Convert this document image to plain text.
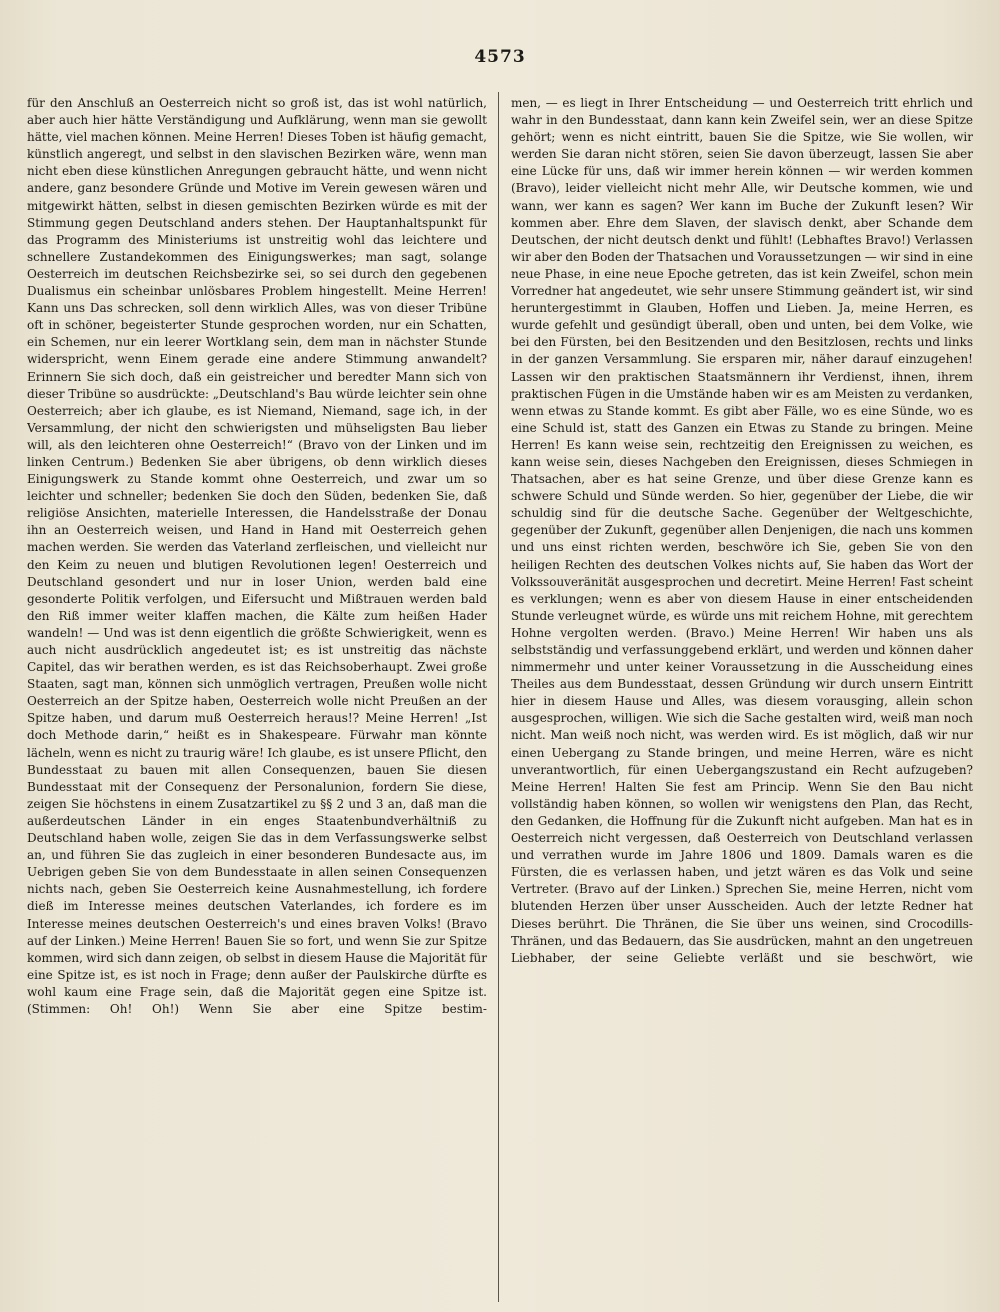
4573

für den Anschluß an Oesterreich nicht so groß ist, das ist wohl natürlich, aber auch hier hätte Verständigung und Aufklärung, wenn man sie gewollt hätte, viel machen können. Meine Herren! Dieses Toben ist häufig gemacht, künstlich angeregt, und selbst in den slavischen Bezirken wäre, wenn man nicht eben diese künstlichen Anregungen gebraucht hätte, und wenn nicht andere, ganz besondere Gründe und Motive im Verein gewesen wären und mitgewirkt hätten, selbst in diesen gemischten Bezirken würde es mit der Stimmung gegen Deutschland anders stehen. Der Hauptanhaltspunkt für das Programm des Ministeriums ist unstreitig wohl das leichtere und schnellere Zustandekommen des Einigungswerkes; man sagt, solange Oesterreich im deutschen Reichsbezirke sei, so sei durch den gegebenen Dualismus ein scheinbar unlösbares Problem hingestellt. Meine Herren! Kann uns Das schrecken, soll denn wirklich Alles, was von dieser Tribüne oft in schöner, begeisterter Stunde gesprochen worden, nur ein Schatten, ein Schemen, nur ein leerer Wortklang sein, dem man in nächster Stunde widerspricht, wenn Einem gerade eine andere Stimmung anwandelt? Erinnern Sie sich doch, daß ein geistreicher und beredter Mann sich von dieser Tribüne so ausdrückte: „Deutschland's Bau würde leichter sein ohne Oesterreich; aber ich glaube, es ist Niemand, Niemand, sage ich, in der Versammlung, der nicht den schwierigsten und mühseligsten Bau lieber will, als den leichteren ohne Oesterreich!“ (Bravo von der Linken und im linken Centrum.) Bedenken Sie aber übrigens, ob denn wirklich dieses Einigungswerk zu Stande kommt ohne Oesterreich, und zwar um so leichter und schneller; bedenken Sie doch den Süden, bedenken Sie, daß religiöse Ansichten, materielle Interessen, die Handelsstraße der Donau ihn an Oesterreich weisen, und Hand in Hand mit Oesterreich gehen machen werden. Sie werden das Vaterland zerfleischen, und vielleicht nur den Keim zu neuen und blutigen Revolutionen legen! Oesterreich und Deutschland gesondert und nur in loser Union, werden bald eine gesonderte Politik verfolgen, und Eifersucht und Mißtrauen werden bald den Riß immer weiter klaffen machen, die Kälte zum heißen Hader wandeln! — Und was ist denn eigentlich die größte Schwierigkeit, wenn es auch nicht ausdrücklich angedeutet ist; es ist unstreitig das nächste Capitel, das wir berathen werden, es ist das Reichsoberhaupt. Zwei große Staaten, sagt man, können sich unmöglich vertragen, Preußen wolle nicht Oesterreich an der Spitze haben, Oesterreich wolle nicht Preußen an der Spitze haben, und darum muß Oesterreich heraus!? Meine Herren! „Ist doch Methode darin,“ heißt es in Shakespeare. Fürwahr man könnte lächeln, wenn es nicht zu traurig wäre! Ich glaube, es ist unsere Pflicht, den Bundesstaat zu bauen mit allen Consequenzen, bauen Sie diesen Bundesstaat mit der Consequenz der Personalunion, fordern Sie diese, zeigen Sie höchstens in einem Zusatzartikel zu §§ 2 und 3 an, daß man die außerdeutschen Länder in ein enges Staatenbundverhältniß zu Deutschland haben wolle, zeigen Sie das in dem Verfassungswerke selbst an, und führen Sie das zugleich in einer besonderen Bundesacte aus, im Uebrigen geben Sie von dem Bundesstaate in allen seinen Consequenzen nichts nach, geben Sie Oesterreich keine Ausnahmestellung, ich fordere dieß im Interesse meines deutschen Vaterlandes, ich fordere es im Interesse meines deutschen Oesterreich's und eines braven Volks! (Bravo auf der Linken.) Meine Herren! Bauen Sie so fort, und wenn Sie zur Spitze kommen, wird sich dann zeigen, ob selbst in diesem Hause die Majorität für eine Spitze ist, es ist noch in Frage; denn außer der Paulskirche dürfte es wohl kaum eine Frage sein, daß die Majorität gegen eine Spitze ist. (Stimmen: Oh! Oh!) Wenn Sie aber eine Spitze bestim-

men, — es liegt in Ihrer Entscheidung — und Oesterreich tritt ehrlich und wahr in den Bundesstaat, dann kann kein Zweifel sein, wer an diese Spitze gehört; wenn es nicht eintritt, bauen Sie die Spitze, wie Sie wollen, wir werden Sie daran nicht stören, seien Sie davon überzeugt, lassen Sie aber eine Lücke für uns, daß wir immer herein können — wir werden kommen (Bravo), leider vielleicht nicht mehr Alle, wir Deutsche kommen, wie und wann, wer kann es sagen? Wer kann im Buche der Zukunft lesen? Wir kommen aber. Ehre dem Slaven, der slavisch denkt, aber Schande dem Deutschen, der nicht deutsch denkt und fühlt! (Lebhaftes Bravo!) Verlassen wir aber den Boden der Thatsachen und Voraussetzungen — wir sind in eine neue Phase, in eine neue Epoche getreten, das ist kein Zweifel, schon mein Vorredner hat angedeutet, wie sehr unsere Stimmung geändert ist, wir sind heruntergestimmt in Glauben, Hoffen und Lieben. Ja, meine Herren, es wurde gefehlt und gesündigt überall, oben und unten, bei dem Volke, wie bei den Fürsten, bei den Besitzenden und den Besitzlosen, rechts und links in der ganzen Versammlung. Sie ersparen mir, näher darauf einzugehen! Lassen wir den praktischen Staatsmännern ihr Verdienst, ihnen, ihrem praktischen Fügen in die Umstände haben wir es am Meisten zu verdanken, wenn etwas zu Stande kommt. Es gibt aber Fälle, wo es eine Sünde, wo es eine Schuld ist, statt des Ganzen ein Etwas zu Stande zu bringen. Meine Herren! Es kann weise sein, rechtzeitig den Ereignissen zu weichen, es kann weise sein, dieses Nachgeben den Ereignissen, dieses Schmiegen in Thatsachen, aber es hat seine Grenze, und über diese Grenze kann es schwere Schuld und Sünde werden. So hier, gegenüber der Liebe, die wir schuldig sind für die deutsche Sache. Gegenüber der Weltgeschichte, gegenüber der Zukunft, gegenüber allen Denjenigen, die nach uns kommen und uns einst richten werden, beschwöre ich Sie, geben Sie von den heiligen Rechten des deutschen Volkes nichts auf, Sie haben das Wort der Volkssouveränität ausgesprochen und decretirt. Meine Herren! Fast scheint es verklungen; wenn es aber von diesem Hause in einer entscheidenden Stunde verleugnet würde, es würde uns mit reichem Hohne, mit gerechtem Hohne vergolten werden. (Bravo.) Meine Herren! Wir haben uns als selbstständig und verfassunggebend erklärt, und werden und können daher nimmermehr und unter keiner Voraussetzung in die Ausscheidung eines Theiles aus dem Bundesstaat, dessen Gründung wir durch unsern Eintritt hier in diesem Hause und Alles, was diesem vorausging, allein schon ausgesprochen, willigen. Wie sich die Sache gestalten wird, weiß man noch nicht. Man weiß noch nicht, was werden wird. Es ist möglich, daß wir nur einen Uebergang zu Stande bringen, und meine Herren, wäre es nicht unverantwortlich, für einen Uebergangszustand ein Recht aufzugeben? Meine Herren! Halten Sie fest am Princip. Wenn Sie den Bau nicht vollständig haben können, so wollen wir wenigstens den Plan, das Recht, den Gedanken, die Hoffnung für die Zukunft nicht aufgeben. Man hat es in Oesterreich nicht vergessen, daß Oesterreich von Deutschland verlassen und verrathen wurde im Jahre 1806 und 1809. Damals waren es die Fürsten, die es verlassen haben, und jetzt wären es das Volk und seine Vertreter. (Bravo auf der Linken.) Sprechen Sie, meine Herren, nicht vom blutenden Herzen über unser Ausscheiden. Auch der letzte Redner hat Dieses berührt. Die Thränen, die Sie über uns weinen, sind Crocodills-Thränen, und das Bedauern, das Sie ausdrücken, mahnt an den ungetreuen Liebhaber, der seine Geliebte verläßt und sie beschwört, wie
